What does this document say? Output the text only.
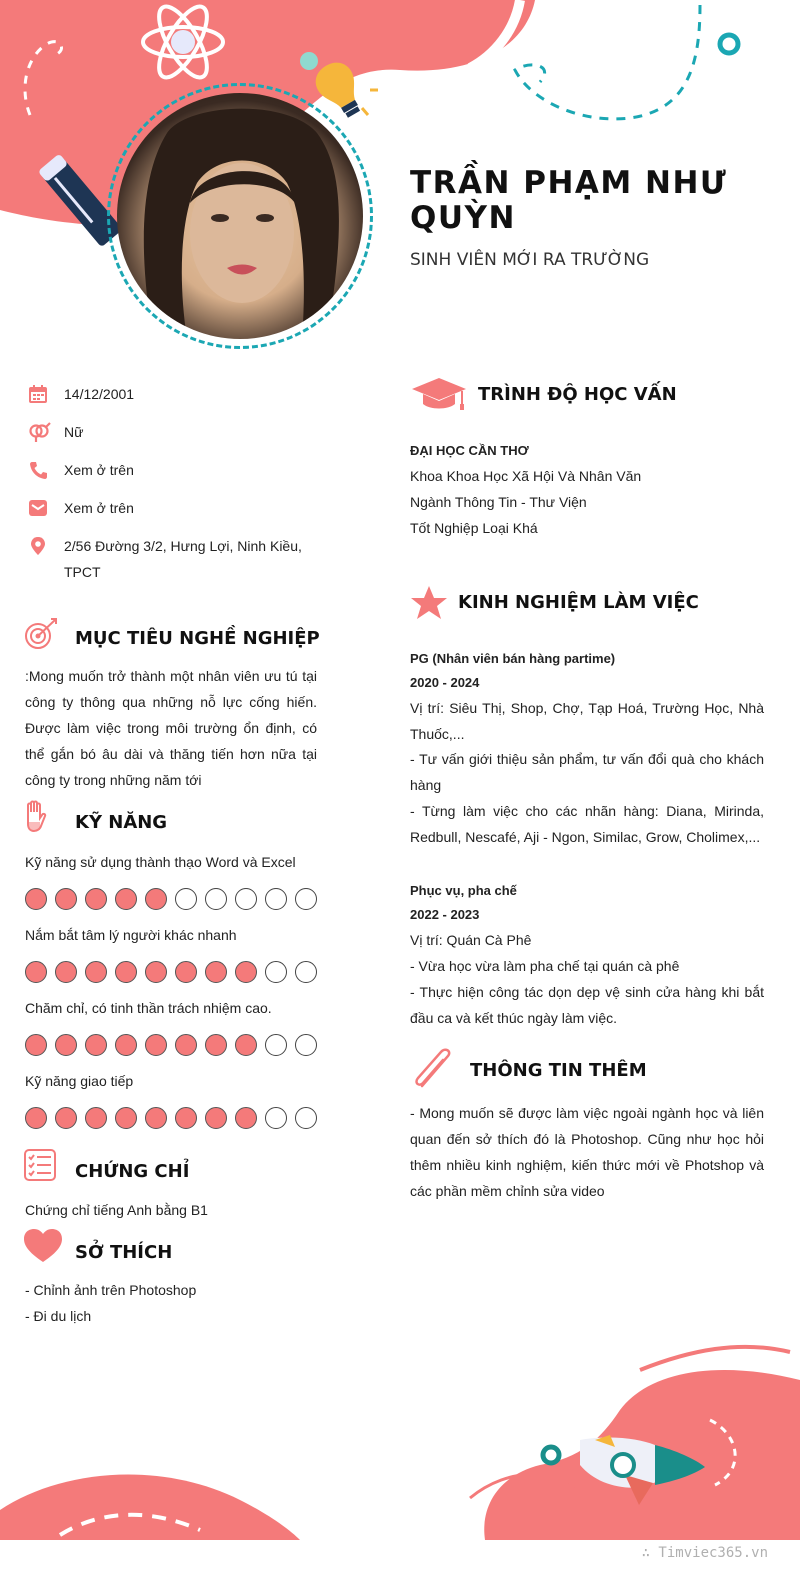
TRẦN PHẠM NHƯ QUỲN
SINH VIÊN MỚI RA TRƯỜNG
14/12/2001
Nữ
Xem ở trên
Xem ở trên
2/56 Đường 3/2, Hưng Lợi, Ninh Kiều, TPCT
MỤC TIÊU NGHỀ NGHIỆP
:Mong muốn trở thành một nhân viên ưu tú tại công ty thông qua những nỗ lực cống hiến. Được làm việc trong môi trường ổn định, có thể gắn bó âu dài và thăng tiến hơn nữa tại công ty trong những năm tới
KỸ NĂNG
Kỹ năng sử dụng thành thạo Word và Excel
Nắm bắt tâm lý người khác nhanh
Chăm chỉ, có tinh thần trách nhiệm cao.
Kỹ năng giao tiếp
CHỨNG CHỈ
Chứng chỉ tiếng Anh bằng B1
SỞ THÍCH
- Chỉnh ảnh trên Photoshop
- Đi du lịch
TRÌNH ĐỘ HỌC VẤN
ĐẠI HỌC CẦN THƠ
Khoa Khoa Học Xã Hội Và Nhân Văn
Ngành Thông Tin - Thư Viện
Tốt Nghiệp Loại Khá
KINH NGHIỆM LÀM VIỆC
PG (Nhân viên bán hàng partime)
2020 - 2024
Vị trí: Siêu Thị, Shop, Chợ, Tạp Hoá, Trường Học, Nhà Thuốc,...
- Tư vấn giới thiệu sản phẩm, tư vấn đổi quà cho khách hàng
- Từng làm việc cho các nhãn hàng: Diana, Mirinda, Redbull, Nescafé, Aji - Ngon, Similac, Grow, Cholimex,...
Phục vụ, pha chế
2022 - 2023
Vị trí: Quán Cà Phê
- Vừa học vừa làm pha chế tại quán cà phê
- Thực hiện công tác dọn dẹp vệ sinh cửa hàng khi bắt đầu ca và kết thúc ngày làm việc.
THÔNG TIN THÊM
- Mong muốn sẽ được làm việc ngoài ngành học và liên quan đến sở thích đó là Photoshop. Cũng như học hỏi thêm nhiều kinh nghiệm, kiến thức mới về Photshop và các phần mềm chỉnh sửa video
∴ Timviec365.vn
